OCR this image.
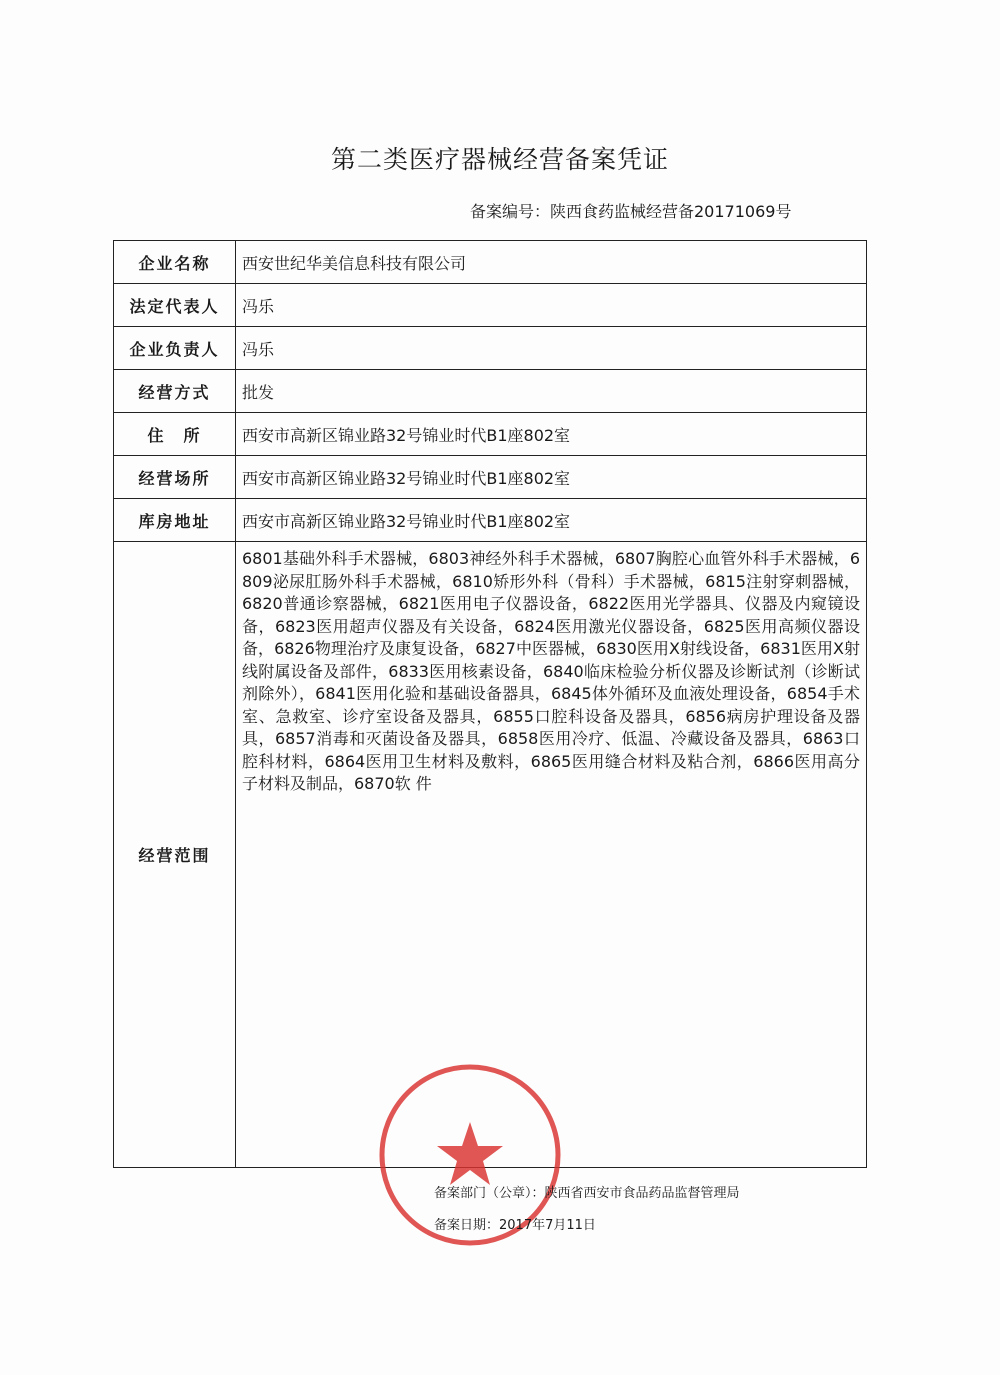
第二类医疗器械经营备案凭证
备案编号：陕西食药监械经营备20171069号
企业名称	西安世纪华美信息科技有限公司
法定代表人	冯乐
企业负责人	冯乐
经营方式	批发
住　所	西安市高新区锦业路32号锦业时代B1座802室
经营场所	西安市高新区锦业路32号锦业时代B1座802室
库房地址	西安市高新区锦业路32号锦业时代B1座802室
经营范围	6801基础外科手术器械，6803神经外科手术器械，6807胸腔心血管外科手术器械，6809泌尿肛肠外科手术器械，6810矫形外科（骨科）手术器械，6815注射穿刺器械，6820普通诊察器械，6821医用电子仪器设备，6822医用光学器具、仪器及内窥镜设备，6823医用超声仪器及有关设备，6824医用激光仪器设备，6825医用高频仪器设备，6826物理治疗及康复设备，6827中医器械，6830医用X射线设备，6831医用X射线附属设备及部件，6833医用核素设备，6840临床检验分析仪器及诊断试剂（诊断试剂除外），6841医用化验和基础设备器具，6845体外循环及血液处理设备，6854手术室、急救室、诊疗室设备及器具，6855口腔科设备及器具，6856病房护理设备及器具，6857消毒和灭菌设备及器具，6858医用冷疗、低温、冷藏设备及器具，6863口腔科材料，6864医用卫生材料及敷料，6865医用缝合材料及粘合剂，6866医用高分子材料及制品，6870软 件
备案部门（公章）：陕西省西安市食品药品监督管理局
备案日期：2017年7月11日
